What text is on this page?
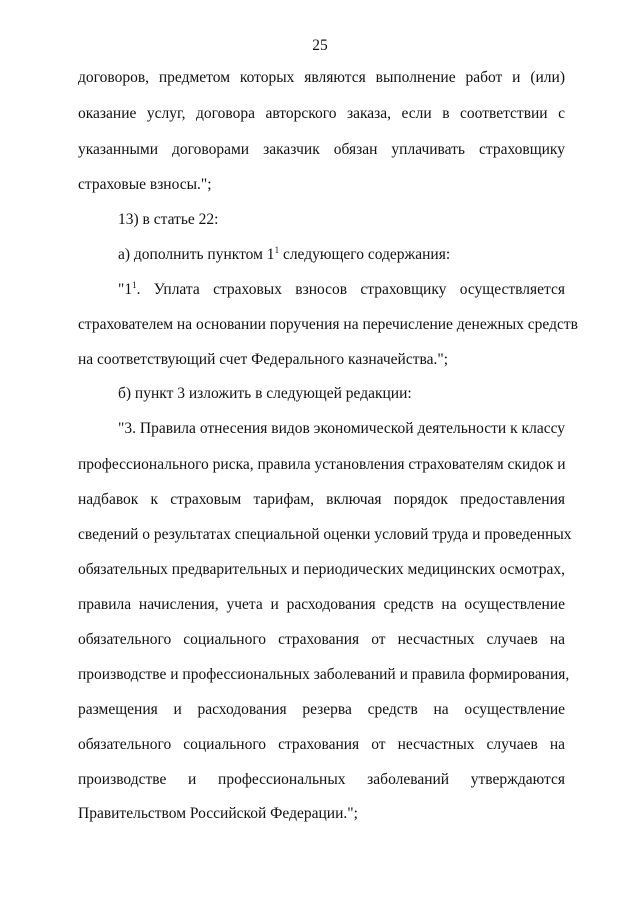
25
договоров, предметом которых являются выполнение работ и (или)
оказание услуг, договора авторского заказа, если в соответствии с
указанными договорами заказчик обязан уплачивать страховщику
страховые взносы.";
13) в статье 22:
а) дополнить пунктом $1^1$ следующего содержания:
"$1^1$. Уплата страховых взносов страховщику осуществляется
страхователем на основании поручения на перечисление денежных средств
на соответствующий счет Федерального казначейства.";
б) пункт 3 изложить в следующей редакции:
"3. Правила отнесения видов экономической деятельности к классу
профессионального риска, правила установления страхователям скидок и
надбавок к страховым тарифам, включая порядок предоставления
сведений о результатах специальной оценки условий труда и проведенных
обязательных предварительных и периодических медицинских осмотрах,
правила начисления, учета и расходования средств на осуществление
обязательного социального страхования от несчастных случаев на
производстве и профессиональных заболеваний и правила формирования,
размещения и расходования резерва средств на осуществление
обязательного социального страхования от несчастных случаев на
производстве и профессиональных заболеваний утверждаются
Правительством Российской Федерации.";
